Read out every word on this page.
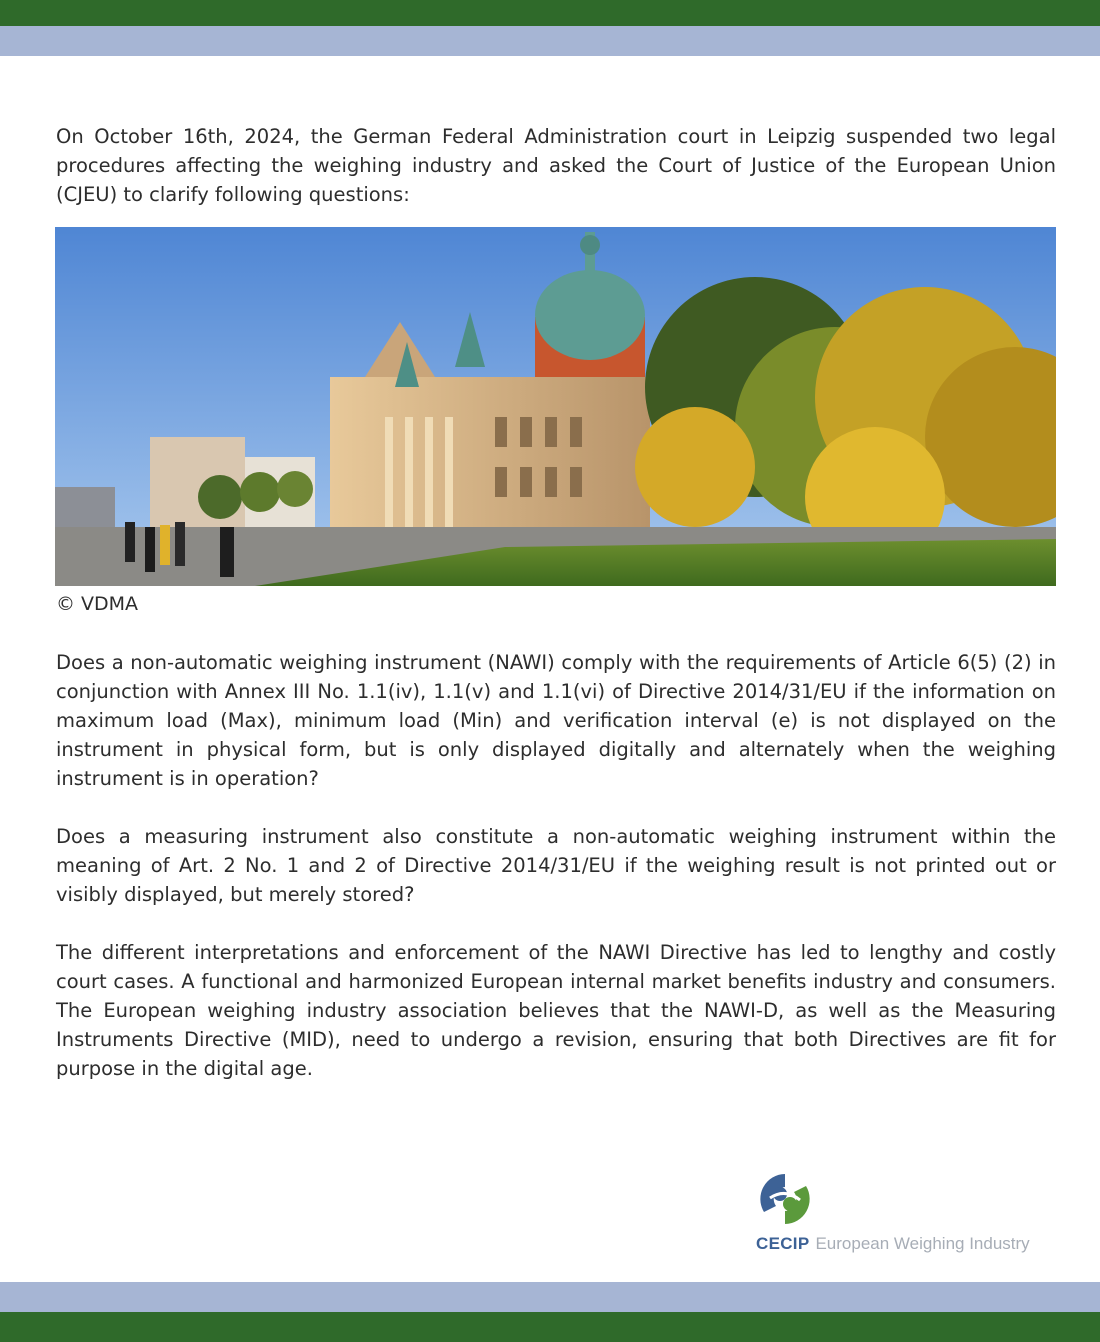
On October 16th, 2024, the German Federal Administration court in Leipzig suspended two legal procedures affecting the weighing industry and asked the Court of Justice of the European Union (CJEU) to clarify following questions:

© VDMA

Does a non-automatic weighing instrument (NAWI) comply with the requirements of Article 6(5) (2) in conjunction with Annex III No. 1.1(iv), 1.1(v) and 1.1(vi) of Directive 2014/31/EU if the information on maximum load (Max), minimum load (Min) and verification interval (e) is not displayed on the instrument in physical form, but is only displayed digitally and alternately when the weighing instrument is in operation?

Does a measuring instrument also constitute a non-automatic weighing instrument within the meaning of Art. 2 No. 1 and 2 of Directive 2014/31/EU if the weighing result is not printed out or visibly displayed, but merely stored?

The different interpretations and enforcement of the NAWI Directive has led to lengthy and costly court cases. A functional and harmonized European internal market benefits industry and consumers. The European weighing industry association believes that the NAWI-D, as well as the Measuring Instruments Directive (MID), need to undergo a revision, ensuring that both Directives are fit for purpose in the digital age.

CECIP European Weighing Industry
